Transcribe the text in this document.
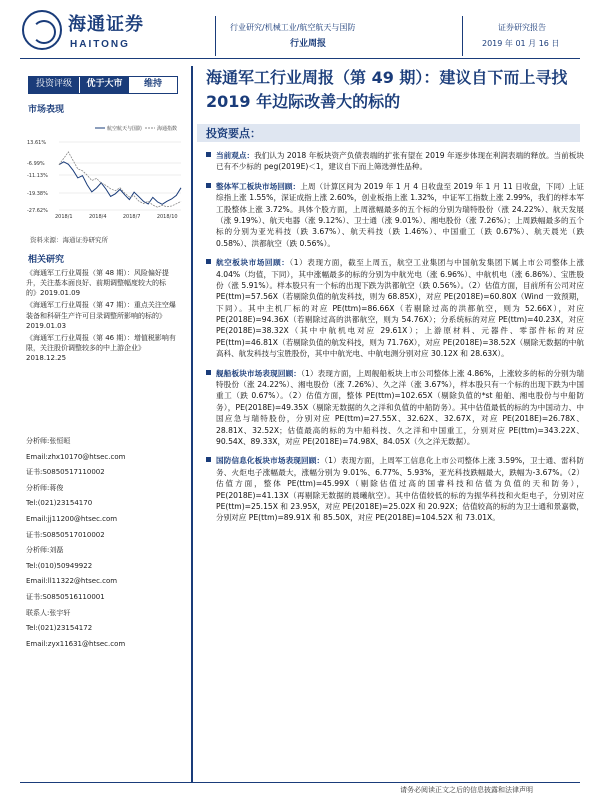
海通证券
HAITONG
行业研究/机械工业/航空航天与国防
行业周报
证券研究报告
2019 年 01 月 16 日
投资评级	优于大市	维持
市场表现
航空航天与国防	海通指数
13.61%
-6.99%
-11.13%
-19.38%
-27.62%
2018/1	2018/4	2018/7	2018/10
资料来源：海通证券研究所
相关研究

《海通军工行业周报（第 48 期）：风险偏好提升，关注基本面良好、前期调整幅度较大的标的》2019.01.09

《海通军工行业周报（第 47 期）：重点关注空爆装备和科研生产许可目录调整所影响的标的》2019.01.03

《海通军工行业周报（第 46 期）：增值税影响有限，关注股价调整较多的中上游企业》2018.12.25

分析师:张恒晅

Email:zhx10170@htsec.com

证书:S0850517110002

分析师:蒋俊

Tel:(021)23154170

Email:jj11200@htsec.com

证书:S0850517010002

分析师:刘磊

Tel:(010)50949922

Email:ll11322@htsec.com

证书:S0850516110001

联系人:张宇轩

Tel:(021)23154172

Email:zyx11631@htsec.com

海通军工行业周报（第 49 期）：建议自下而上寻找 2019 年边际改善大的标的
投资要点：
当前观点：我们认为 2018 年板块资产负债表端的扩张有望在 2019 年逐步体现在利润表端的释放。当前板块已有不少标的 peg(2019E)＜1，建议自下而上筛选弹性品种。
整体军工板块市场回顾：上周（计算区间为 2019 年 1 月 4 日收盘至 2019 年 1 月 11 日收盘，下同）上证综指上涨 1.55%，深证成指上涨 2.60%，创业板指上涨 1.32%，中证军工指数上涨 2.99%，我们的样本军工股整体上涨 3.72%。具体个股方面，上周涨幅最多的五个标的分别为瑞特股份（涨 24.22%）、航天发展（涨 9.19%）、航天电器（涨 9.12%）、卫士通（涨 9.01%）、湘电股份（涨 7.26%）；上周跌幅最多的五个标的分别为亚光科技（跌 3.67%）、航天科技（跌 1.46%）、中国重工（跌 0.67%）、航天晨光（跌 0.58%）、洪都航空（跌 0.56%）。
航空板块市场回顾：（1）表现方面，截至上周五，航空工业集团与中国航发集团下属上市公司整体上涨 4.04%（均值，下同），其中涨幅最多的标的分别为中航光电（涨 6.96%）、中航机电（涨 6.86%）、宝胜股份（涨 5.91%）。样本股只有一个标的出现下跌为洪都航空（跌 0.56%）。（2）估值方面，目前所有公司对应 PE(ttm)=57.56X（若剔除负值的航发科技，则为 68.85X），对应 PE(2018E)=60.80X（Wind 一致预期，下同）。其中主机厂标的对应 PE(ttm)=86.66X（若剔除过高的洪都航空，则为 52.66X），对应 PE(2018E)=94.36X（若剔除过高的洪都航空，则为 54.76X）；分系统标的对应 PE(ttm)=40.23X，对应 PE(2018E)=38.32X（其中中航机电对应 29.61X）；上游原材料、元器件、零部件标的对应 PE(ttm)=46.81X（若剔除负值的航发科技，则为 71.76X），对应 PE(2018E)=38.52X（剔除无数据的中航高科、航发科技与宝胜股份，其中中航光电、中航电测分别对应 30.12X 和 28.63X）。
舰船板块市场表现回顾：（1）表现方面，上周舰船板块上市公司整体上涨 4.86%，上涨较多的标的分别为瑞特股份（涨 24.22%）、湘电股份（涨 7.26%）、久之洋（涨 3.67%），样本股只有一个标的出现下跌为中国重工（跌 0.67%）。（2）估值方面，整体 PE(ttm)=102.65X（剔除负值的*st 船舶、湘电股份与中船防务），PE(2018E)=49.35X（剔除无数据的久之洋和负值的中船防务）。其中估值最低的标的为中国动力、中国应急与瑞特股份，分别对应 PE(ttm)=27.55X、32.62X、32.67X，对应 PE(2018E)=26.78X、28.81X、32.52X；估值最高的标的为中船科技、久之洋和中国重工，分别对应 PE(ttm)=343.22X、90.54X、89.33X，对应 PE(2018E)=74.98X、84.05X（久之洋无数据）。
国防信息化板块市场表现回顾：（1）表现方面，上周军工信息化上市公司整体上涨 3.59%，卫士通、雷科防务、火炬电子涨幅最大，涨幅分别为 9.01%、6.77%、5.93%，亚光科技跌幅最大，跌幅为-3.67%。（2）估值方面，整体 PE(ttm)=45.99X（剔除估值过高的国睿科技和估值为负值的天和防务），PE(2018E)=41.13X（再剔除无数据的晨曦航空）。其中估值较低的标的为振华科技和火炬电子，分别对应 PE(ttm)=25.15X 和 23.95X，对应 PE(2018E)=25.02X 和 20.92X；估值较高的标的为卫士通和景嘉微，分别对应 PE(ttm)=89.91X 和 85.50X，对应 PE(2018E)=104.52X 和 73.01X。
请务必阅读正文之后的信息披露和法律声明
